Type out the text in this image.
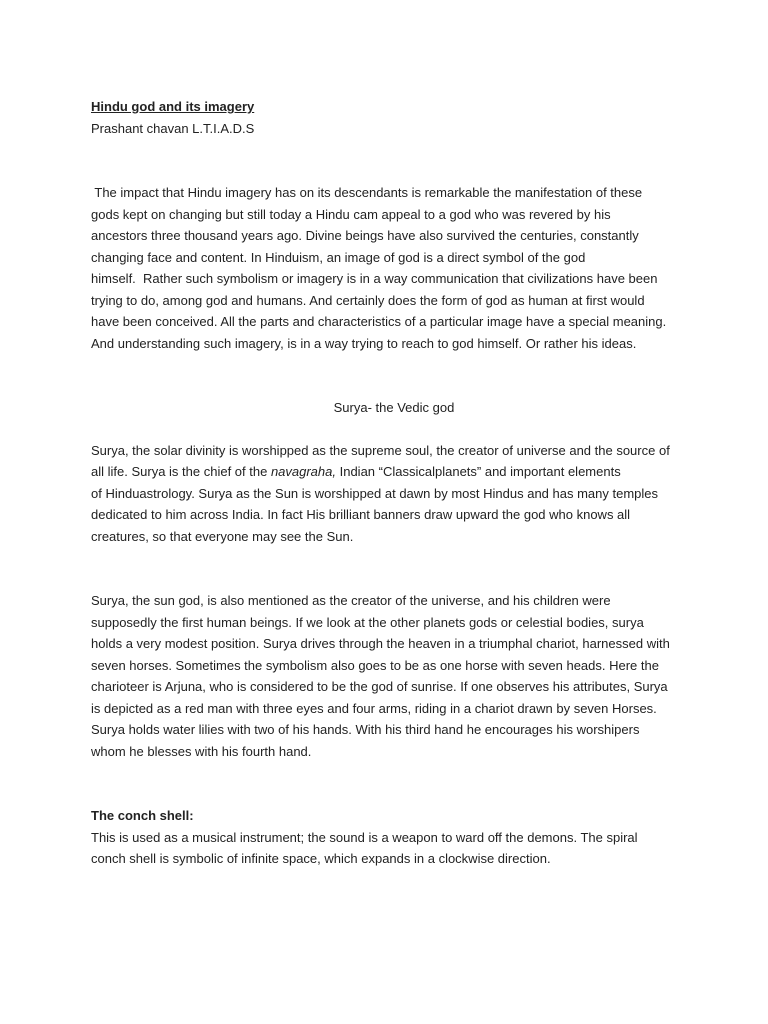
Hindu god and its imagery

Prashant chavan L.T.I.A.D.S

The impact that Hindu imagery has on its descendants is remarkable the manifestation of these
gods kept on changing but still today a Hindu cam appeal to a god who was revered by his
ancestors three thousand years ago. Divine beings have also survived the centuries, constantly
changing face and content. In Hinduism, an image of god is a direct symbol of the god
himself.  Rather such symbolism or imagery is in a way communication that civilizations have been
trying to do, among god and humans. And certainly does the form of god as human at first would
have been conceived. All the parts and characteristics of a particular image have a special meaning.
And understanding such imagery, is in a way trying to reach to god himself. Or rather his ideas.

Surya- the Vedic god

Surya, the solar divinity is worshipped as the supreme soul, the creator of universe and the source of
all life. Surya is the chief of the navagraha, Indian “Classicalplanets” and important elements
of Hinduastrology. Surya as the Sun is worshipped at dawn by most Hindus and has many temples
dedicated to him across India. In fact His brilliant banners draw upward the god who knows all
creatures, so that everyone may see the Sun.

Surya, the sun god, is also mentioned as the creator of the universe, and his children were
supposedly the first human beings. If we look at the other planets gods or celestial bodies, surya
holds a very modest position. Surya drives through the heaven in a triumphal chariot, harnessed with
seven horses. Sometimes the symbolism also goes to be as one horse with seven heads. Here the
charioteer is Arjuna, who is considered to be the god of sunrise. If one observes his attributes, Surya
is depicted as a red man with three eyes and four arms, riding in a chariot drawn by seven Horses.
Surya holds water lilies with two of his hands. With his third hand he encourages his worshipers
whom he blesses with his fourth hand.

The conch shell:

This is used as a musical instrument; the sound is a weapon to ward off the demons. The spiral
conch shell is symbolic of infinite space, which expands in a clockwise direction.
